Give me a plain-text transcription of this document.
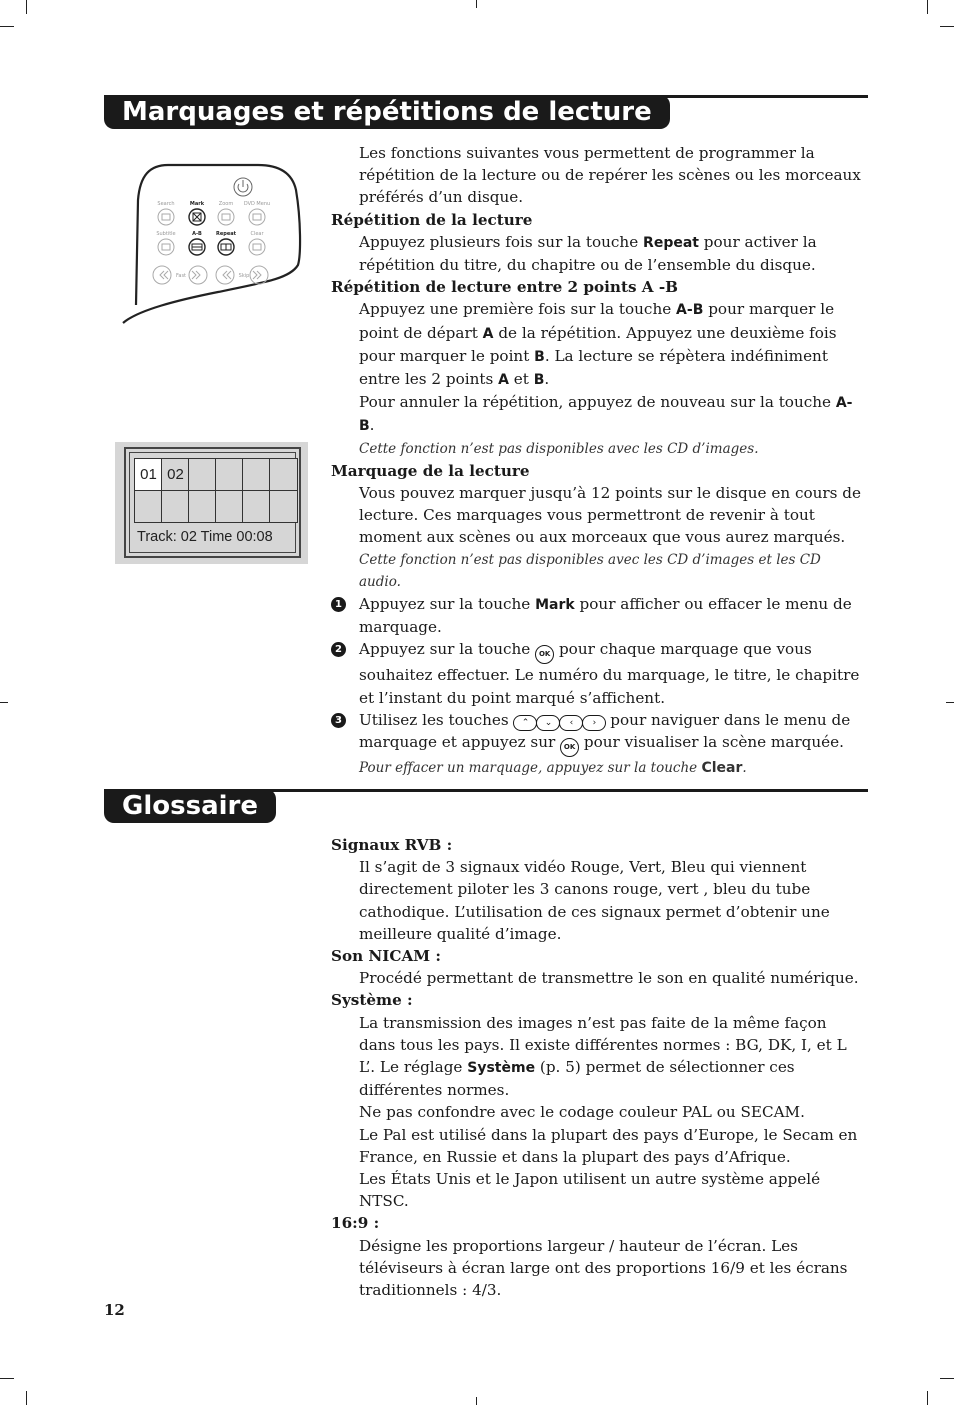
Marquages et répétitions de lecture
Search	Mark	Zoom DVD Menu
Subtitle	A-B	Repeat	Clear
Fast	Skip
01 02
Track: 02 Time 00:08

Les fonctions suivantes vous permettent de programmer la répétition de la lecture ou de repérer les scènes ou les morceaux préférés d’un disque.

Répétition de la lecture

Appuyez plusieurs fois sur la touche Repeat pour activer la répétition du titre, du chapitre ou de l’ensemble du disque.

Répétition de lecture entre 2 points A -B

Appuyez une première fois sur la touche A-B pour marquer le point de départ A de la répétition. Appuyez une deuxième fois pour marquer le point B. La lecture se répètera indéfiniment entre les 2 points A et B.
Pour annuler la répétition, appuyez de nouveau sur la touche A-B.

Cette fonction n’est pas disponibles avec les CD d’images.

Marquage de la lecture

Vous pouvez marquer jusqu’à 12 points sur le disque en cours de lecture. Ces marquages vous permettront de revenir à tout moment aux scènes ou aux morceaux que vous aurez marqués.

Cette fonction n’est pas disponibles avec les CD d’images et les CD audio.

1 Appuyez sur la touche Mark pour afficher ou effacer le menu de marquage.

2 Appuyez sur la touche OK pour chaque marquage que vous souhaitez effectuer. Le numéro du marquage, le titre, le chapitre et l’instant du point marqué s’affichent.

3 Utilisez les touches ⌃ ⌄ ‹ › pour naviguer dans le menu de marquage et appuyez sur OK pour visualiser la scène marquée.

Pour effacer un marquage, appuyez sur la touche Clear.

Glossaire

Signaux RVB :

Il s’agit de 3 signaux vidéo Rouge, Vert, Bleu qui viennent directement piloter les 3 canons rouge, vert , bleu du tube cathodique. L’utilisation de ces signaux permet d’obtenir une meilleure qualité d’image.

Son NICAM :

Procédé permettant de transmettre le son en qualité numérique.

Système :

La transmission des images n’est pas faite de la même façon dans tous les pays. Il existe différentes normes : BG, DK, I, et L L’. Le réglage Système (p. 5) permet de sélectionner ces différentes normes.

Ne pas confondre avec le codage couleur PAL ou SECAM.

Le Pal est utilisé dans la plupart des pays d’Europe, le Secam en France, en Russie et dans la plupart des pays d’Afrique.

Les États Unis et le Japon utilisent un autre système appelé NTSC.

16:9 :

Désigne les proportions largeur / hauteur de l’écran. Les téléviseurs à écran large ont des proportions 16/9 et les écrans traditionnels : 4/3.

12
